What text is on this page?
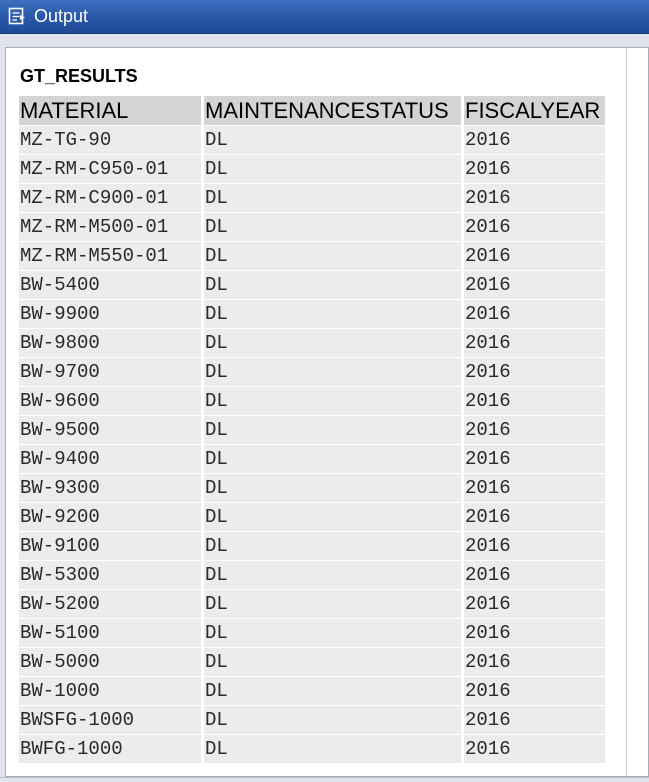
Output
GT_RESULTS
MATERIAL	MAINTENANCESTATUS	FISCALYEAR
MZ-TG-90	DL	2016
MZ-RM-C950-01	DL	2016
MZ-RM-C900-01	DL	2016
MZ-RM-M500-01	DL	2016
MZ-RM-M550-01	DL	2016
BW-5400	DL	2016
BW-9900	DL	2016
BW-9800	DL	2016
BW-9700	DL	2016
BW-9600	DL	2016
BW-9500	DL	2016
BW-9400	DL	2016
BW-9300	DL	2016
BW-9200	DL	2016
BW-9100	DL	2016
BW-5300	DL	2016
BW-5200	DL	2016
BW-5100	DL	2016
BW-5000	DL	2016
BW-1000	DL	2016
BWSFG-1000	DL	2016
BWFG-1000	DL	2016
